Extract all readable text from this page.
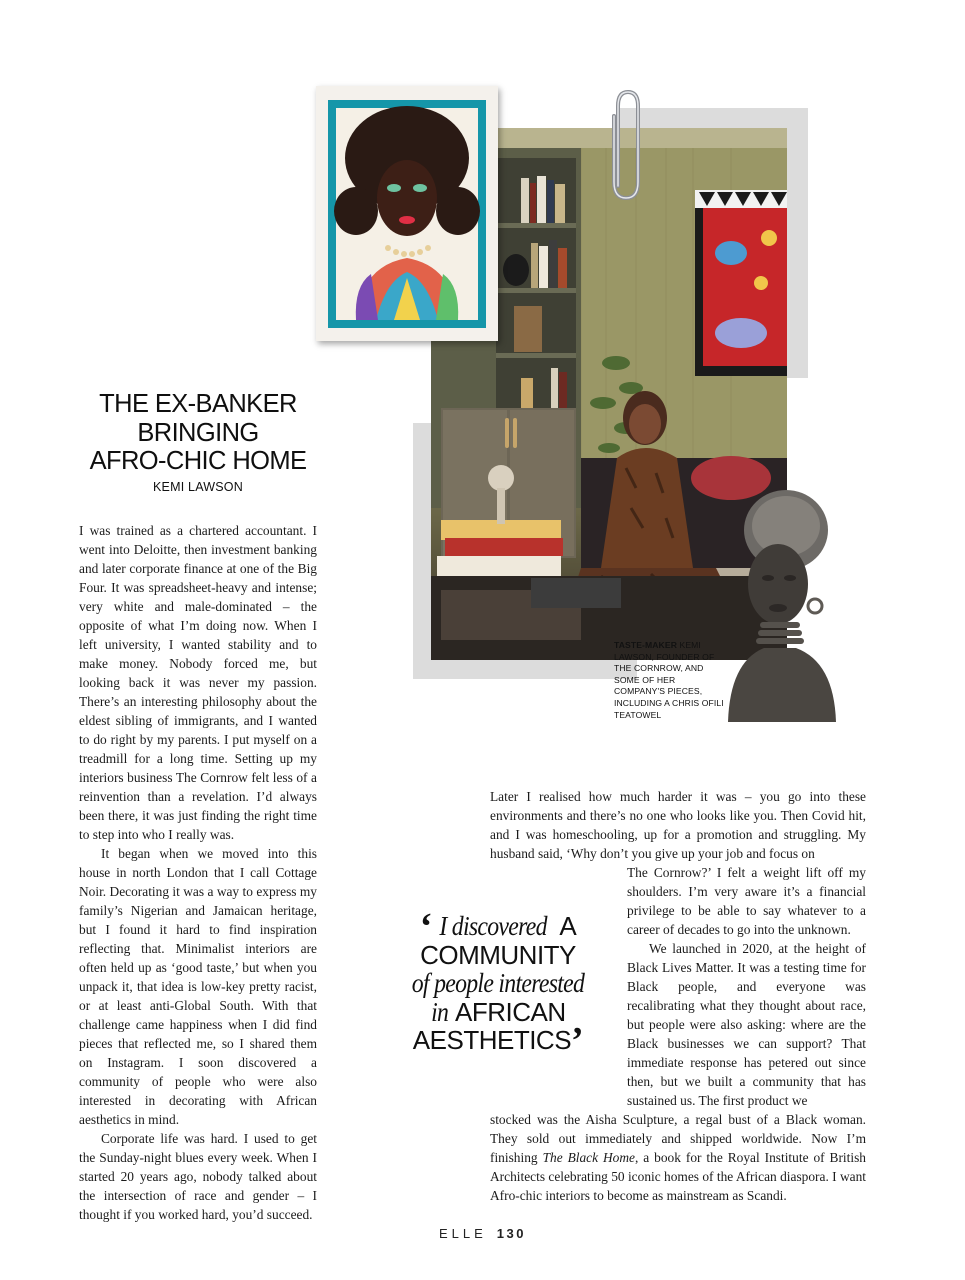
TASTE-MAKER KEMI LAWSON, FOUNDER OF THE CORNROW, AND SOME OF HER COMPANY'S PIECES, INCLUDING A CHRIS OFILI TEATOWEL
THE EX-BANKER
BRINGING
AFRO-CHIC HOME
KEMI LAWSON

I was trained as a chartered accountant. I went into Deloitte, then investment banking and later corporate finance at one of the Big Four. It was spreadsheet-heavy and intense; very white and male-dominated – the opposite of what I’m doing now. When I left university, I wanted stability and to make money. Nobody forced me, but looking back it was never my passion. There’s an interesting philosophy about the eldest sibling of immigrants, and I wanted to do right by my parents. I put myself on a treadmill for a long time. Setting up my interiors business The Cornrow felt less of a reinvention than a revelation. I’d always been there, it was just finding the right time to step into who I really was.

It began when we moved into this house in north London that I call Cottage Noir. Decorating it was a way to express my family’s Nigerian and Jamaican heritage, but I found it hard to find inspiration reflecting that. Minimalist interiors are often held up as ‘good taste,’ but when you unpack it, that idea is low-key pretty racist, or at least anti-Global South. With that challenge came happiness when I did find pieces that reflected me, so I shared them on Instagram. I soon discovered a community of people who were also interested in decorating with African aesthetics in mind.

Corporate life was hard. I used to get the Sunday-night blues every week. When I started 20 years ago, nobody talked about the intersection of race and gender – I thought if you worked hard, you’d succeed.

Later I realised how much harder it was – you go into these environments and there’s no one who looks like you. Then Covid hit, and I was homeschooling, up for a promotion and struggling. My husband said, ‘Why don’t you give up your job and focus on

The Cornrow?’ I felt a weight lift off my shoulders. I’m very aware it’s a financial privilege to be able to say whatever to a career of decades to go into the unknown.

We launched in 2020, at the height of Black Lives Matter. It was a testing time for Black people, and everyone was recalibrating what they thought about race, but people were also asking: where are the Black businesses we can support? That immediate response has petered out since then, but we built a community that has sustained us. The first product we

stocked was the Aisha Sculpture, a regal bust of a Black woman. They sold out immediately and shipped worldwide. Now I’m finishing The Black Home, a book for the Royal Institute of British Architects celebrating 50 iconic homes of the African diaspora. I want Afro-chic interiors to become as mainstream as Scandi.

‘ I discovered A
COMMUNITY
of people interested
in AFRICAN
AESTHETICS’
ELLE 130
